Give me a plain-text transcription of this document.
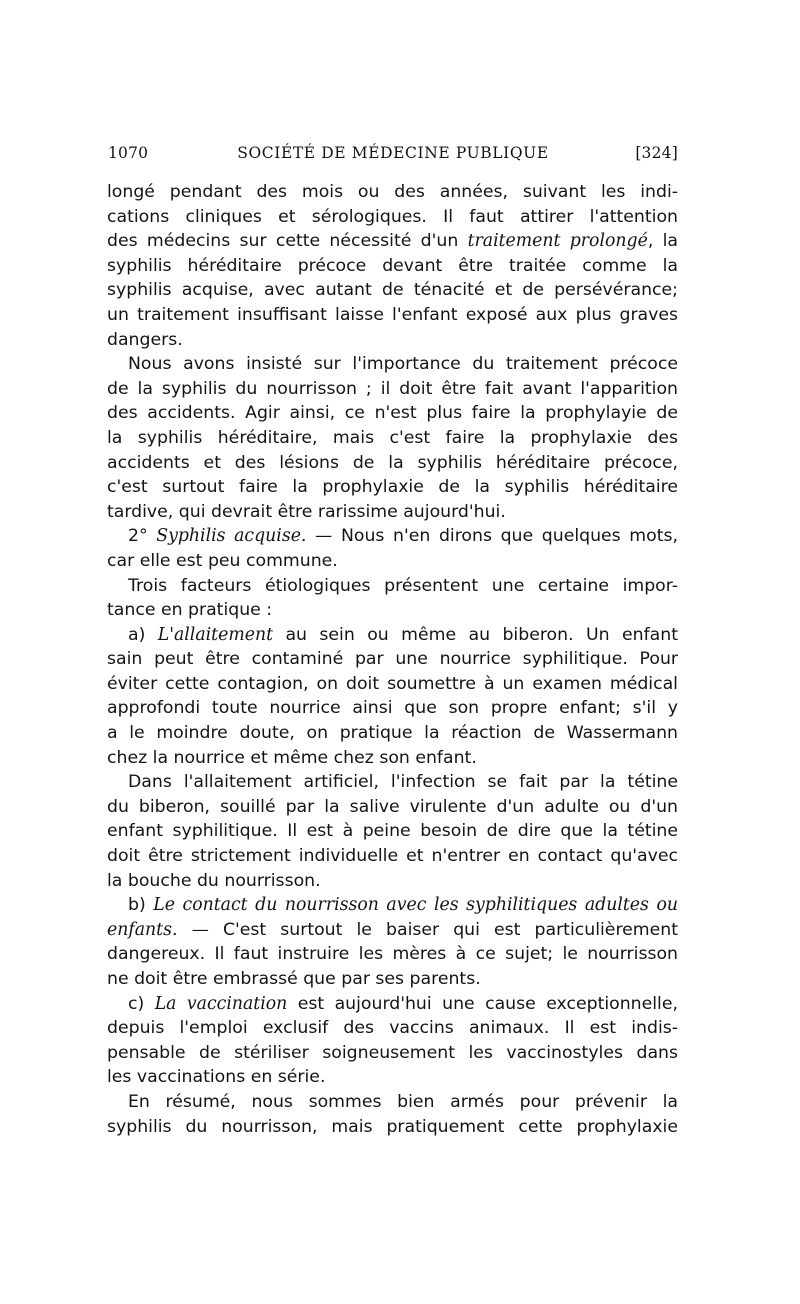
1070	SOCIÉTÉ DE MÉDECINE PUBLIQUE	[324]

longé pendant des mois ou des années, suivant les indi-

cations cliniques et sérologiques. Il faut attirer l'attention

des médecins sur cette nécessité d'un traitement prolongé, la

syphilis héréditaire précoce devant être traitée comme la

syphilis acquise, avec autant de ténacité et de persévérance;

un traitement insuffisant laisse l'enfant exposé aux plus graves

dangers.

Nous avons insisté sur l'importance du traitement précoce

de la syphilis du nourrisson ; il doit être fait avant l'apparition

des accidents. Agir ainsi, ce n'est plus faire la prophylayie de

la syphilis héréditaire, mais c'est faire la prophylaxie des

accidents et des lésions de la syphilis héréditaire précoce,

c'est surtout faire la prophylaxie de la syphilis héréditaire

tardive, qui devrait être rarissime aujourd'hui.

2° Syphilis acquise. — Nous n'en dirons que quelques mots,

car elle est peu commune.

Trois facteurs étiologiques présentent une certaine impor-

tance en pratique :

a) L'allaitement au sein ou même au biberon. Un enfant

sain peut être contaminé par une nourrice syphilitique. Pour

éviter cette contagion, on doit soumettre à un examen médical

approfondi toute nourrice ainsi que son propre enfant; s'il y

a le moindre doute, on pratique la réaction de Wassermann

chez la nourrice et même chez son enfant.

Dans l'allaitement artificiel, l'infection se fait par la tétine

du biberon, souillé par la salive virulente d'un adulte ou d'un

enfant syphilitique. Il est à peine besoin de dire que la tétine

doit être strictement individuelle et n'entrer en contact qu'avec

la bouche du nourrisson.

b) Le contact du nourrisson avec les syphilitiques adultes ou

enfants. — C'est surtout le baiser qui est particulièrement

dangereux. Il faut instruire les mères à ce sujet; le nourrisson

ne doit être embrassé que par ses parents.

c) La vaccination est aujourd'hui une cause exceptionnelle,

depuis l'emploi exclusif des vaccins animaux. Il est indis-

pensable de stériliser soigneusement les vaccinostyles dans

les vaccinations en série.

En résumé, nous sommes bien armés pour prévenir la

syphilis du nourrisson, mais pratiquement cette prophylaxie
